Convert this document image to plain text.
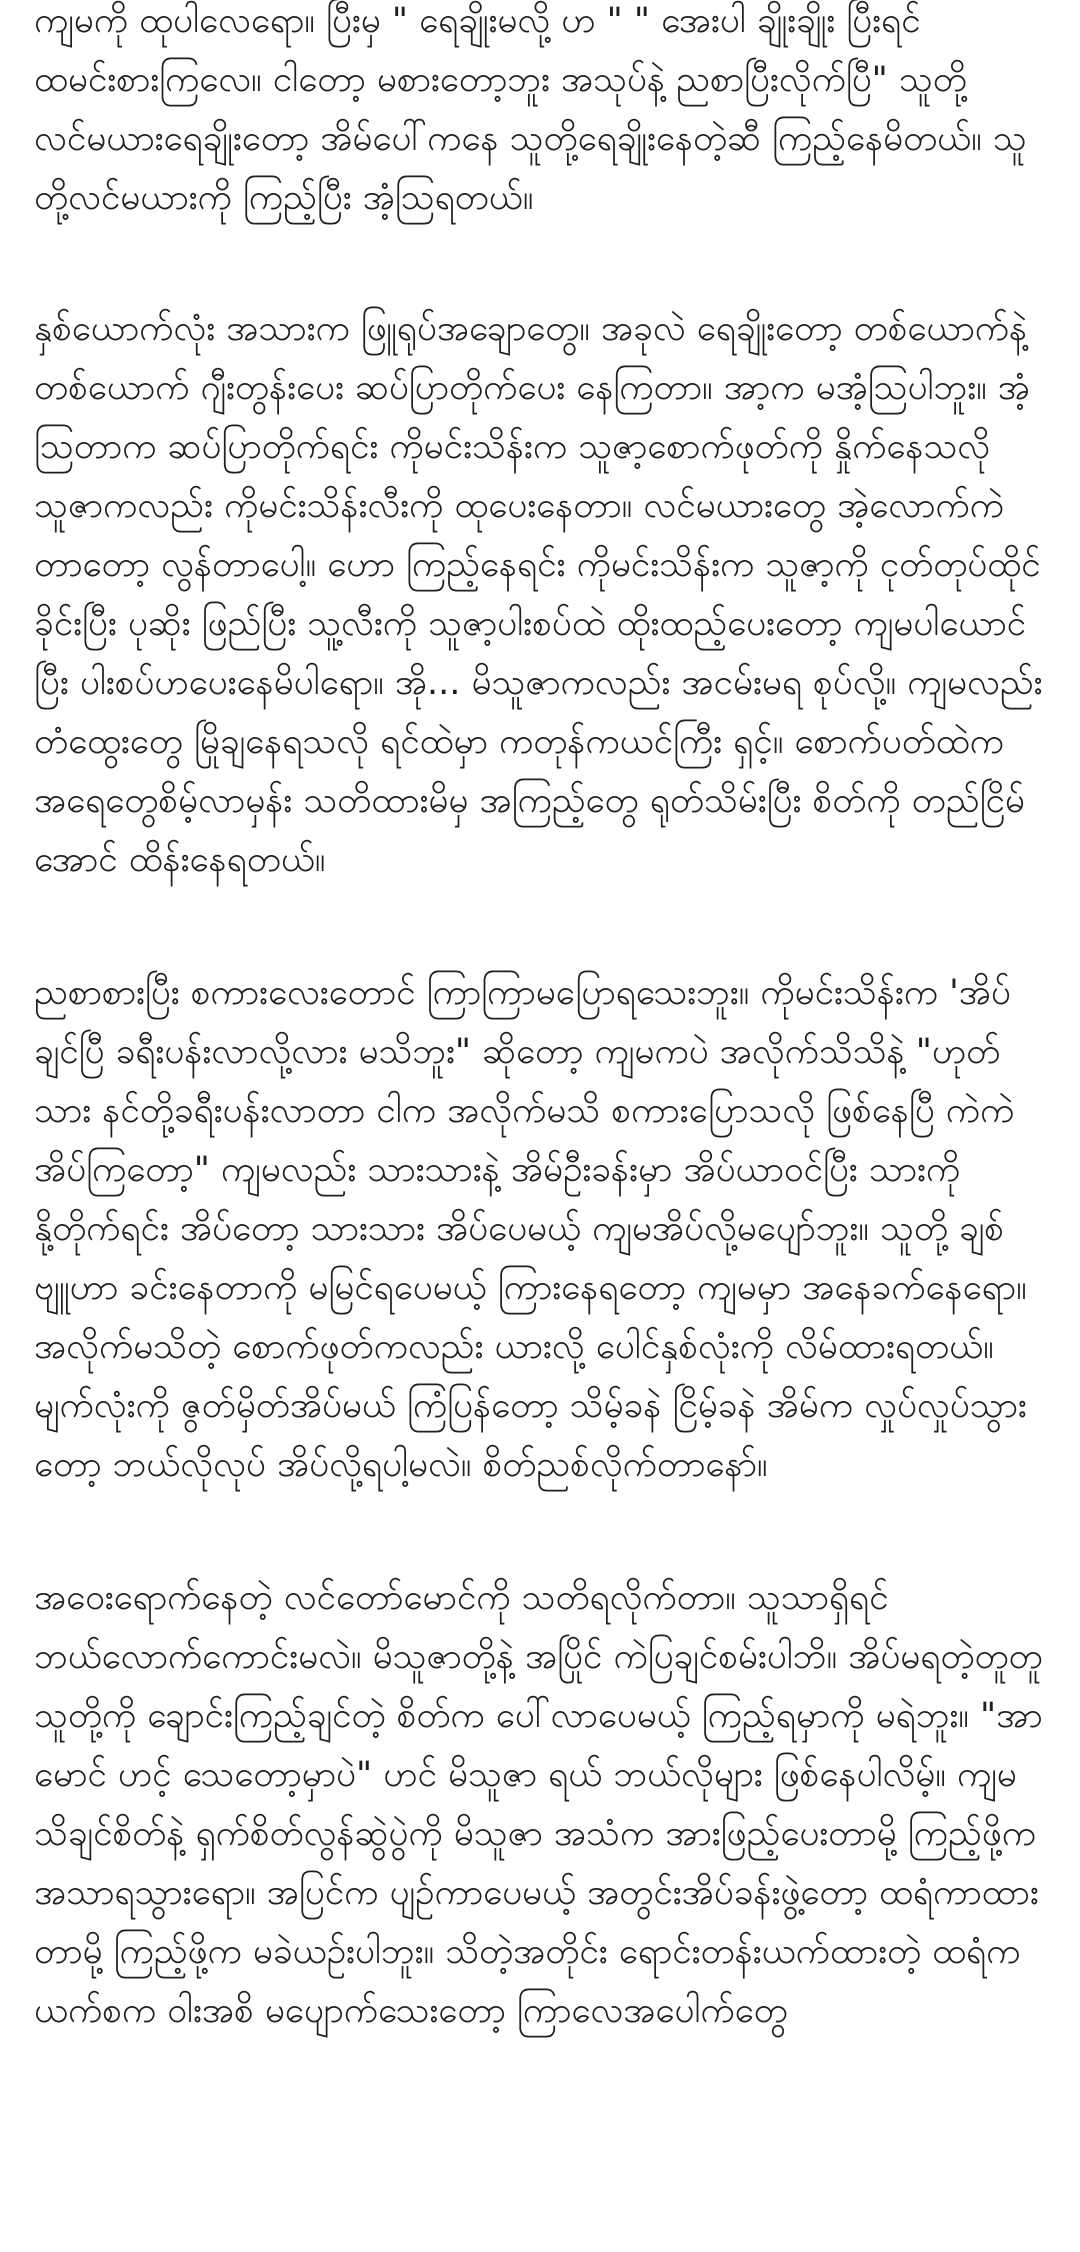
ကျမကို ထုပါလေရော။ ပြီးမှ " ရေချိုးမလို့ ဟ " " အေးပါ ချိုးချိုး ပြီးရင် ထမင်းစားကြလေ။ ငါတော့ မစားတော့ဘူး အသုပ်နဲ့ ညစာပြီးလိုက်ပြီ" သူတို့လင်မယားရေချိုးတော့ အိမ်ပေါ်ကနေ သူတို့ရေချိုးနေတဲ့ဆီ ကြည့်နေမိတယ်။ သူတို့လင်မယားကို ကြည့်ပြီး အံ့သြရတယ်။

နှစ်ယောက်လုံး အသားက ဖြူရုပ်အချောတွေ။ အခုလဲ ရေချိုးတော့ တစ်ယောက်နဲ့တစ်ယောက် ဂျီးတွန်းပေး ဆပ်ပြာတိုက်ပေး နေကြတာ။ အာ့က မအံ့သြပါဘူး။ အံ့သြတာက ဆပ်ပြာတိုက်ရင်း ကိုမင်းသိန်းက သူဇာ့စောက်ဖုတ်ကို နှိုက်နေသလို သူဇာကလည်း ကိုမင်းသိန်းလီးကို ထုပေးနေတာ။ လင်မယားတွေ အဲ့လောက်ကဲတာတော့ လွန်တာပေါ့။ ဟော ကြည့်နေရင်း ကိုမင်းသိန်းက သူဇာ့ကို ငုတ်တုပ်ထိုင်ခိုင်းပြီး ပုဆိုး ဖြည်ပြီး သူ့လီးကို သူဇာ့ပါးစပ်ထဲ ထိုးထည့်ပေးတော့ ကျမပါယောင်ပြီး ပါးစပ်ဟပေးနေမိပါရော။ အို... မိသူဇာကလည်း အငမ်းမရ စုပ်လို့။ ကျမလည်း တံထွေးတွေ မြိုချနေရသလို ရင်ထဲမှာ ကတုန်ကယင်ကြီး ရှင့်။ စောက်ပတ်ထဲက အရေတွေစိမ့်လာမှန်း သတိထားမိမှ အကြည့်တွေ ရုတ်သိမ်းပြီး စိတ်ကို တည်ငြိမ်အောင် ထိန်းနေရတယ်။

ညစာစားပြီး စကားလေးတောင် ကြာကြာမပြောရသေးဘူး။ ကိုမင်းသိန်းက 'အိပ်ချင်ပြီ ခရီးပန်းလာလို့လား မသိဘူး" ဆိုတော့ ကျမကပဲ အလိုက်သိသိနဲ့ "ဟုတ်သား နင်တို့ခရီးပန်းလာတာ ငါက အလိုက်မသိ စကားပြောသလို ဖြစ်နေပြီ ကဲကဲ အိပ်ကြတော့" ကျမလည်း သားသားနဲ့ အိမ်ဦးခန်းမှာ အိပ်ယာဝင်ပြီး သားကိုနို့တိုက်ရင်း အိပ်တော့ သားသား အိပ်ပေမယ့် ကျမအိပ်လို့မပျော်ဘူး။ သူတို့ ချစ်ဗျူဟာ ခင်းနေတာကို မမြင်ရပေမယ့် ကြားနေရတော့ ကျမမှာ အနေခက်နေရော။ အလိုက်မသိတဲ့ စောက်ဖုတ်ကလည်း ယားလို့ ပေါင်နှစ်လုံးကို လိမ်ထားရတယ်။ မျက်လုံးကို ဇွတ်မှိတ်အိပ်မယ် ကြံပြန်တော့ သိမ့်ခနဲ ငြိမ့်ခနဲ အိမ်က လှုပ်လှုပ်သွားတော့ ဘယ်လိုလုပ် အိပ်လို့ရပါ့မလဲ။ စိတ်ညစ်လိုက်တာနော်။

အဝေးရောက်နေတဲ့ လင်တော်မောင်ကို သတိရလိုက်တာ။ သူသာရှိရင် ဘယ်လောက်ကောင်းမလဲ။ မိသူဇာတို့နဲ့ အပြိုင် ကဲပြချင်စမ်းပါဘိ။ အိပ်မရတဲ့တူတူ သူတို့ကို ချောင်းကြည့်ချင်တဲ့ စိတ်က ပေါ်လာပေမယ့် ကြည့်ရမှာကို မရဲဘူး။ "အာ မောင် ဟင့် သေတော့မှာပဲ" ဟင် မိသူဇာ ရယ် ဘယ်လိုများ ဖြစ်နေပါလိမ့်။ ကျမသိချင်စိတ်နဲ့ ရှက်စိတ်လွန်ဆွဲပွဲကို မိသူဇာ အသံက အားဖြည့်ပေးတာမို့ ကြည့်ဖို့က အသာရသွားရော။ အပြင်က ပျဉ်ကာပေမယ့် အတွင်းအိပ်ခန်းဖွဲ့တော့ ထရံကာထားတာမို့ ကြည့်ဖို့က မခဲယဉ်းပါဘူး။ သိတဲ့အတိုင်း ရောင်းတန်းယက်ထားတဲ့ ထရံက ယက်စက ဝါးအစိ မပျောက်သေးတော့ ကြာလေအပေါက်တွေ
